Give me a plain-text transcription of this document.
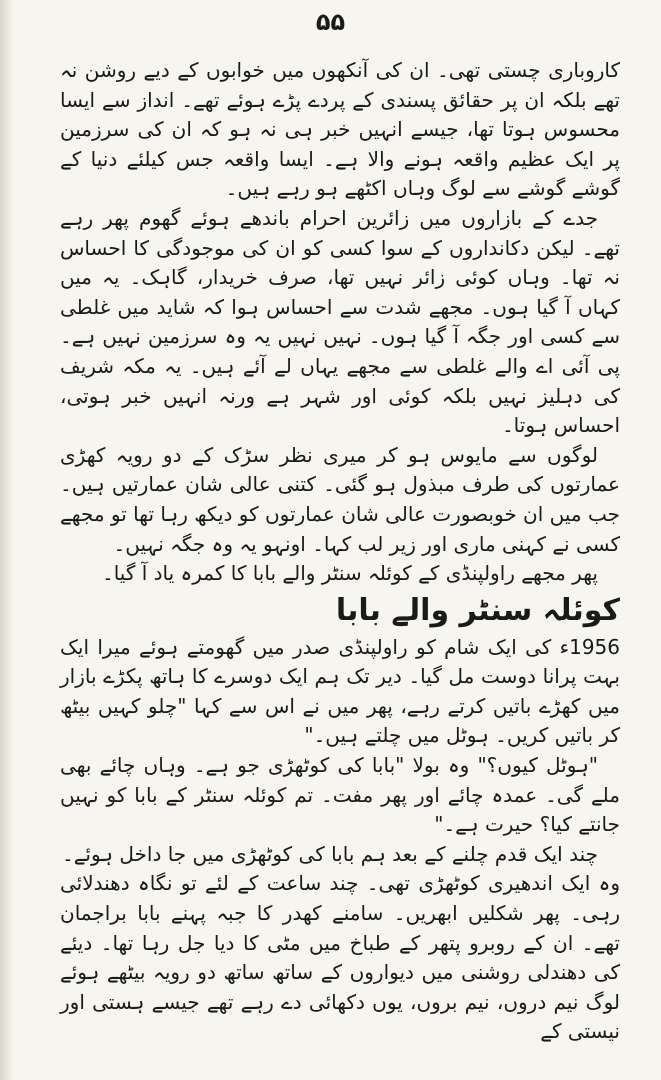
۵۵

کاروباری چستی تھی۔ ان کی آنکھوں میں خوابوں کے دیے روشن نہ تھے بلکہ ان پر حقائق پسندی کے پردے پڑے ہوئے تھے۔ انداز سے ایسا محسوس ہوتا تھا، جیسے انہیں خبر ہی نہ ہو کہ ان کی سرزمین پر ایک عظیم واقعہ ہونے والا ہے۔ ایسا واقعہ جس کیلئے دنیا کے گوشے گوشے سے لوگ وہاں اکٹھے ہو رہے ہیں۔

جدے کے بازاروں میں زائرین احرام باندھے ہوئے گھوم پھر رہے تھے۔ لیکن دکانداروں کے سوا کسی کو ان کی موجودگی کا احساس نہ تھا۔ وہاں کوئی زائر نہیں تھا، صرف خریدار، گاہک۔ یہ میں کہاں آ گیا ہوں۔ مجھے شدت سے احساس ہوا کہ شاید میں غلطی سے کسی اور جگہ آ گیا ہوں۔ نہیں نہیں یہ وہ سرزمین نہیں ہے۔ پی آئی اے والے غلطی سے مجھے یہاں لے آئے ہیں۔ یہ مکہ شریف کی دہلیز نہیں بلکہ کوئی اور شہر ہے ورنہ انہیں خبر ہوتی، احساس ہوتا۔

لوگوں سے مایوس ہو کر میری نظر سڑک کے دو رویہ کھڑی عمارتوں کی طرف مبذول ہو گئی۔ کتنی عالی شان عمارتیں ہیں۔ جب میں ان خوبصورت عالی شان عمارتوں کو دیکھ رہا تھا تو مجھے کسی نے کہنی ماری اور زیر لب کہا۔ اونہو یہ وہ جگہ نہیں۔

پھر مجھے راولپنڈی کے کوئلہ سنٹر والے بابا کا کمرہ یاد آ گیا۔

کوئلہ سنٹر والے بابا

1956ء کی ایک شام کو راولپنڈی صدر میں گھومتے ہوئے میرا ایک بہت پرانا دوست مل گیا۔ دیر تک ہم ایک دوسرے کا ہاتھ پکڑے بازار میں کھڑے باتیں کرتے رہے، پھر میں نے اس سے کہا "چلو کہیں بیٹھ کر باتیں کریں۔ ہوٹل میں چلتے ہیں۔"

"ہوٹل کیوں؟" وہ بولا "بابا کی کوٹھڑی جو ہے۔ وہاں چائے بھی ملے گی۔ عمدہ چائے اور پھر مفت۔ تم کوئلہ سنٹر کے بابا کو نہیں جانتے کیا؟ حیرت ہے۔"

چند ایک قدم چلنے کے بعد ہم بابا کی کوٹھڑی میں جا داخل ہوئے۔

وہ ایک اندھیری کوٹھڑی تھی۔ چند ساعت کے لئے تو نگاہ دھندلائی رہی۔ پھر شکلیں ابھریں۔ سامنے کھدر کا جبہ پہنے بابا براجمان تھے۔ ان کے روبرو پتھر کے طباخ میں مٹی کا دیا جل رہا تھا۔ دیئے کی دھندلی روشنی میں دیواروں کے ساتھ ساتھ دو رویہ بیٹھے ہوئے لوگ نیم دروں، نیم بروں، یوں دکھائی دے رہے تھے جیسے ہستی اور نیستی کے
